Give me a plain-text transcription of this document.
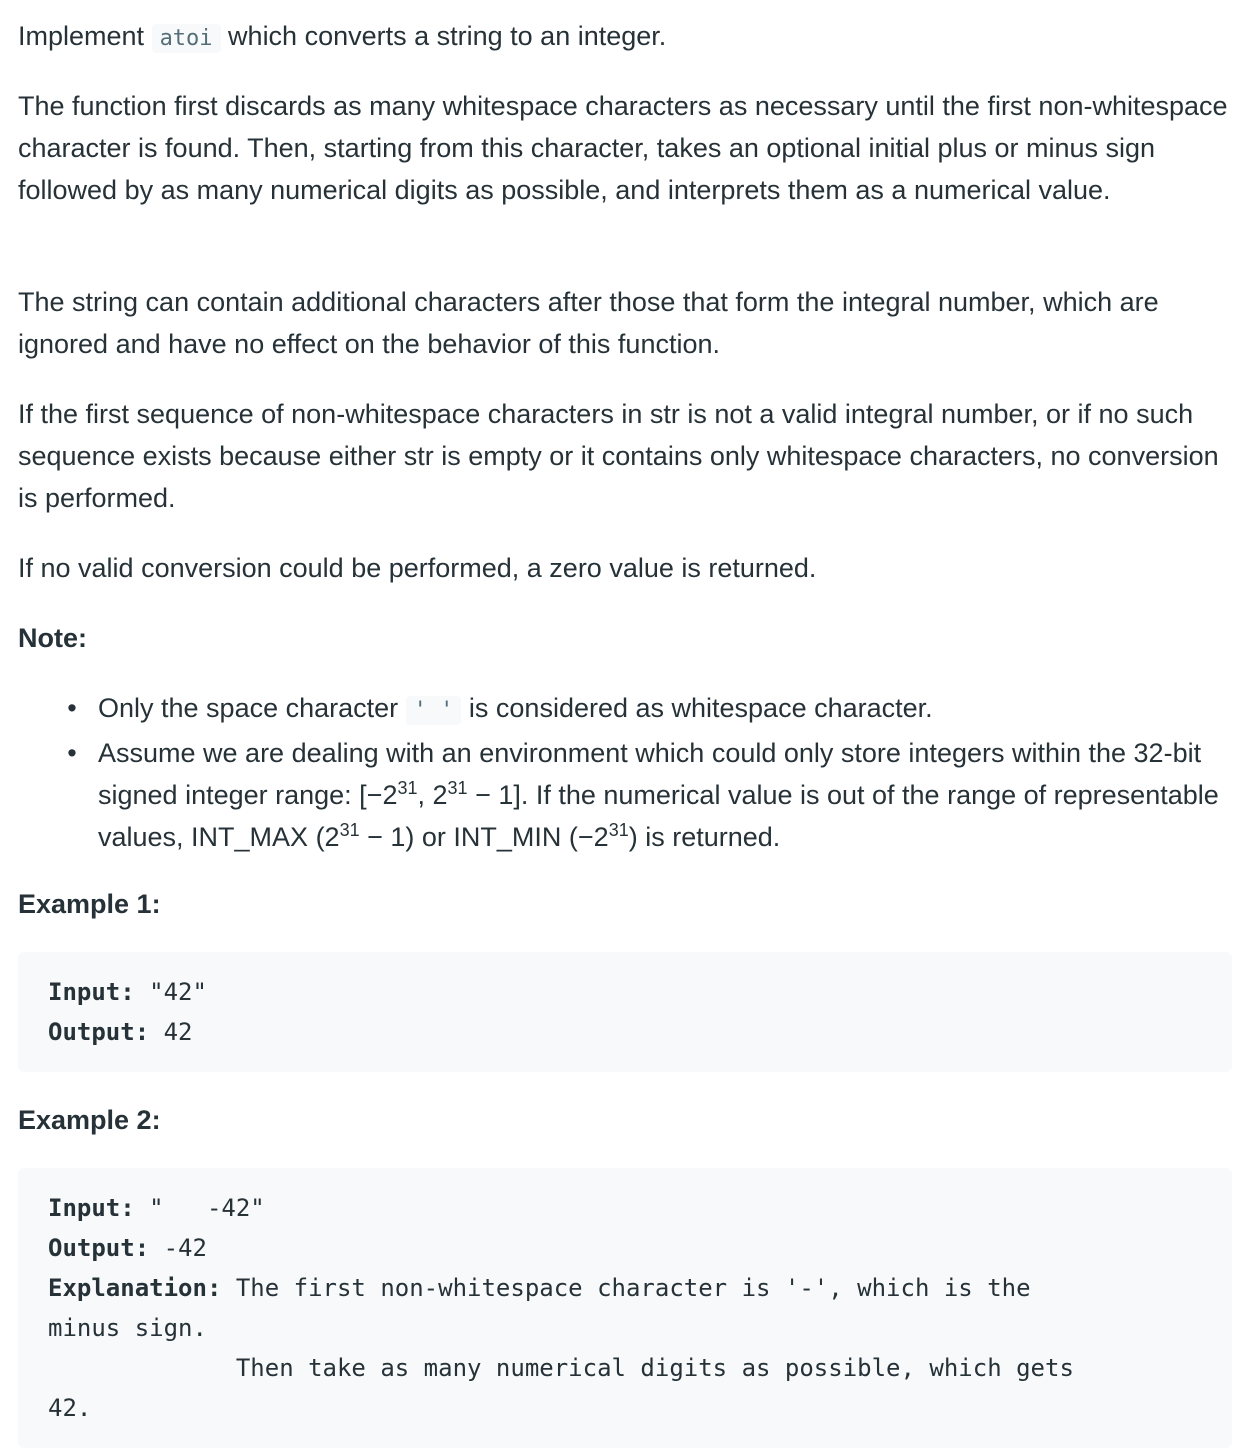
Implement atoi which converts a string to an integer.

The function first discards as many whitespace characters as necessary until the first non-whitespace character is found. Then, starting from this character, takes an optional initial plus or minus sign followed by as many numerical digits as possible, and interprets them as a numerical value.

The string can contain additional characters after those that form the integral number, which are ignored and have no effect on the behavior of this function.

If the first sequence of non-whitespace characters in str is not a valid integral number, or if no such sequence exists because either str is empty or it contains only whitespace characters, no conversion is performed.

If no valid conversion could be performed, a zero value is returned.

Note:
• Only the space character ' ' is considered as whitespace character.
• Assume we are dealing with an environment which could only store integers within the 32-bit signed integer range: [$-2^{31}$, $2^{31} - 1$]. If the numerical value is out of the range of representable values, INT_MAX $(2^{31} - 1)$ or INT_MIN $(-2^{31})$ is returned.
Example 1:
Input: "42"
Output: 42
Example 2:
Input: "   -42"
Output: -42
Explanation: The first non-whitespace character is '-', which is the
minus sign.
Then take as many numerical digits as possible, which gets
42.
